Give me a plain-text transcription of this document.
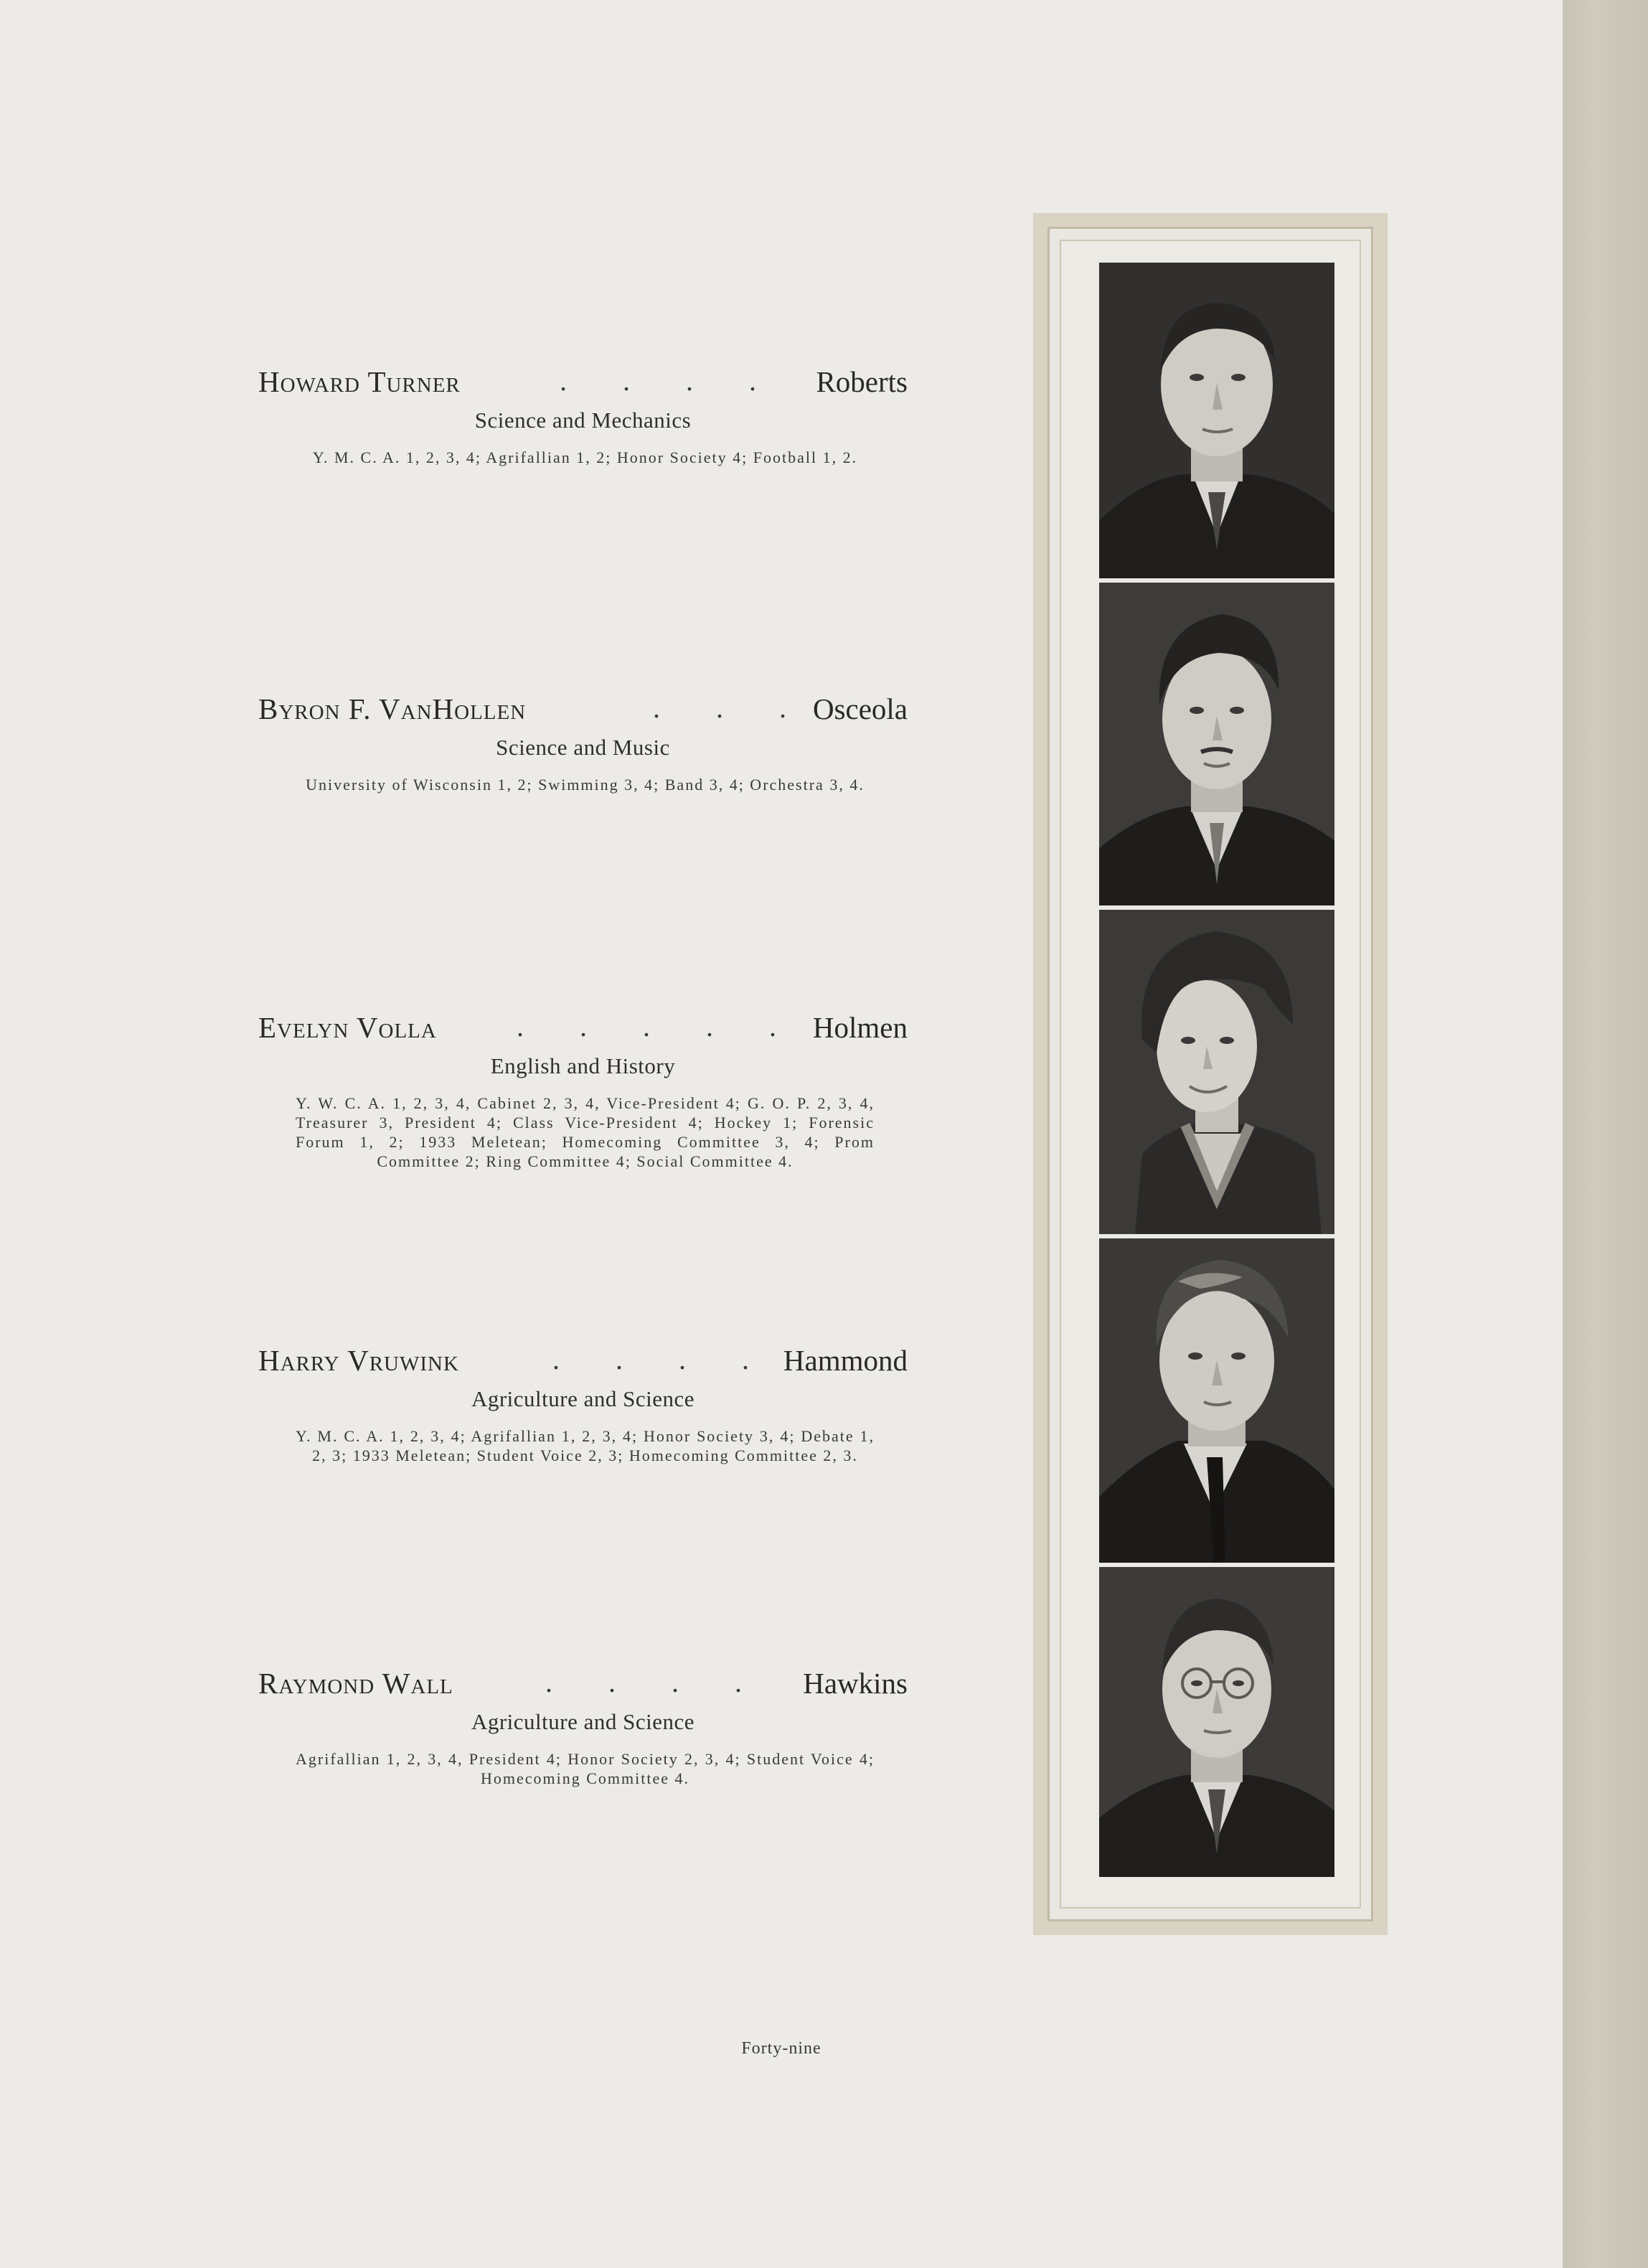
Howard Turner	. . . . Roberts
Science and Mechanics
Y. M. C. A. 1, 2, 3, 4; Agrifallian 1, 2; Honor Society 4; Football 1, 2.
Byron F. VanHollen	. . . Osceola
Science and Music
University of Wisconsin 1, 2; Swimming 3, 4; Band 3, 4; Orchestra 3, 4.
Evelyn Volla	. . . . . Holmen
English and History
Y. W. C. A. 1, 2, 3, 4, Cabinet 2, 3, 4, Vice-President 4; G. O. P. 2, 3, 4, Treasurer 3, President 4; Class Vice-President 4; Hockey 1; Forensic Forum 1, 2; 1933 Meletean; Homecoming Committee 3, 4; Prom Committee 2; Ring Committee 4; Social Committee 4.
Harry Vruwink	. . . . Hammond
Agriculture and Science
Y. M. C. A. 1, 2, 3, 4; Agrifallian 1, 2, 3, 4; Honor Society 3, 4; Debate 1, 2, 3; 1933 Meletean; Student Voice 2, 3; Homecoming Committee 2, 3.
Raymond Wall	. . . . Hawkins
Agriculture and Science
Agrifallian 1, 2, 3, 4, President 4; Honor Society 2, 3, 4; Student Voice 4; Homecoming Committee 4.
Forty-nine
